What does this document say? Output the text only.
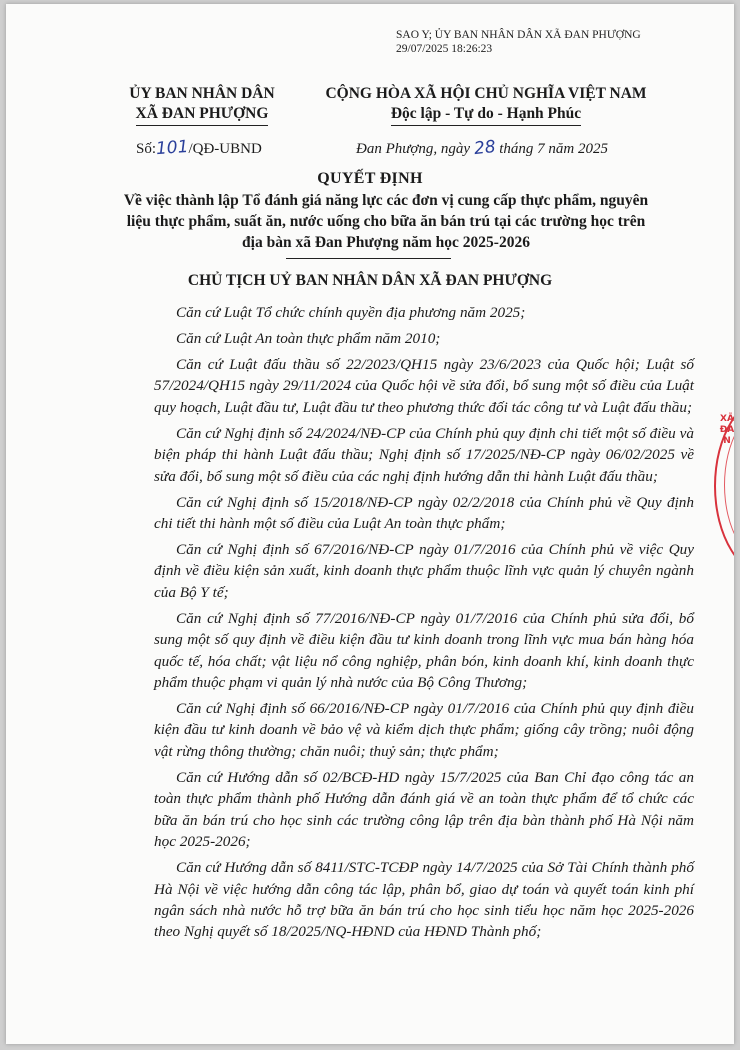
SAO Y; ỦY BAN NHÂN DÂN XÃ ĐAN PHƯỢNG
29/07/2025 18:26:23
ỦY BAN NHÂN DÂN
XÃ ĐAN PHƯỢNG
CỘNG HÒA XÃ HỘI CHỦ NGHĨA VIỆT NAM
Độc lập - Tự do - Hạnh Phúc
Số:101/QĐ-UBND	Đan Phượng, ngày 28 tháng 7 năm 2025
QUYẾT ĐỊNH
Về việc thành lập Tổ đánh giá năng lực các đơn vị cung cấp thực phẩm, nguyên liệu thực phẩm, suất ăn, nước uống cho bữa ăn bán trú tại các trường học trên địa bàn xã Đan Phượng năm học 2025-2026
CHỦ TỊCH UỶ BAN NHÂN DÂN XÃ ĐAN PHƯỢNG

Căn cứ Luật Tổ chức chính quyền địa phương năm 2025;

Căn cứ Luật An toàn thực phẩm năm 2010;

Căn cứ Luật đấu thầu số 22/2023/QH15 ngày 23/6/2023 của Quốc hội; Luật số 57/2024/QH15 ngày 29/11/2024 của Quốc hội về sửa đổi, bổ sung một số điều của Luật quy hoạch, Luật đầu tư, Luật đầu tư theo phương thức đối tác công tư và Luật đấu thầu;

Căn cứ Nghị định số 24/2024/NĐ-CP của Chính phủ quy định chi tiết một số điều và biện pháp thi hành Luật đấu thầu; Nghị định số 17/2025/NĐ-CP ngày 06/02/2025 về sửa đổi, bổ sung một số điều của các nghị định hướng dẫn thi hành Luật đấu thầu;

Căn cứ Nghị định số 15/2018/NĐ-CP ngày 02/2/2018 của Chính phủ về Quy định chi tiết thi hành một số điều của Luật An toàn thực phẩm;

Căn cứ Nghị định số 67/2016/NĐ-CP ngày 01/7/2016 của Chính phủ về việc Quy định về điều kiện sản xuất, kinh doanh thực phẩm thuộc lĩnh vực quản lý chuyên ngành của Bộ Y tế;

Căn cứ Nghị định số 77/2016/NĐ-CP ngày 01/7/2016 của Chính phủ sửa đổi, bổ sung một số quy định về điều kiện đầu tư kinh doanh trong lĩnh vực mua bán hàng hóa quốc tế, hóa chất; vật liệu nổ công nghiệp, phân bón, kinh doanh khí, kinh doanh thực phẩm thuộc phạm vi quản lý nhà nước của Bộ Công Thương;

Căn cứ Nghị định số 66/2016/NĐ-CP ngày 01/7/2016 của Chính phủ quy định điều kiện đầu tư kinh doanh về bảo vệ và kiểm dịch thực phẩm; giống cây trồng; nuôi động vật rừng thông thường; chăn nuôi; thuỷ sản; thực phẩm;

Căn cứ Hướng dẫn số 02/BCĐ-HD ngày 15/7/2025 của Ban Chỉ đạo công tác an toàn thực phẩm thành phố Hướng dẫn đánh giá về an toàn thực phẩm để tổ chức các bữa ăn bán trú cho học sinh các trường công lập trên địa bàn thành phố Hà Nội năm học 2025-2026;

Căn cứ Hướng dẫn số 8411/STC-TCĐP ngày 14/7/2025 của Sở Tài Chính thành phố Hà Nội về việc hướng dẫn công tác lập, phân bổ, giao dự toán và quyết toán kinh phí ngân sách nhà nước hỗ trợ bữa ăn bán trú cho học sinh tiểu học năm học 2025-2026 theo Nghị quyết số 18/2025/NQ-HĐND của HĐND Thành phố;

XÃ ĐAN
